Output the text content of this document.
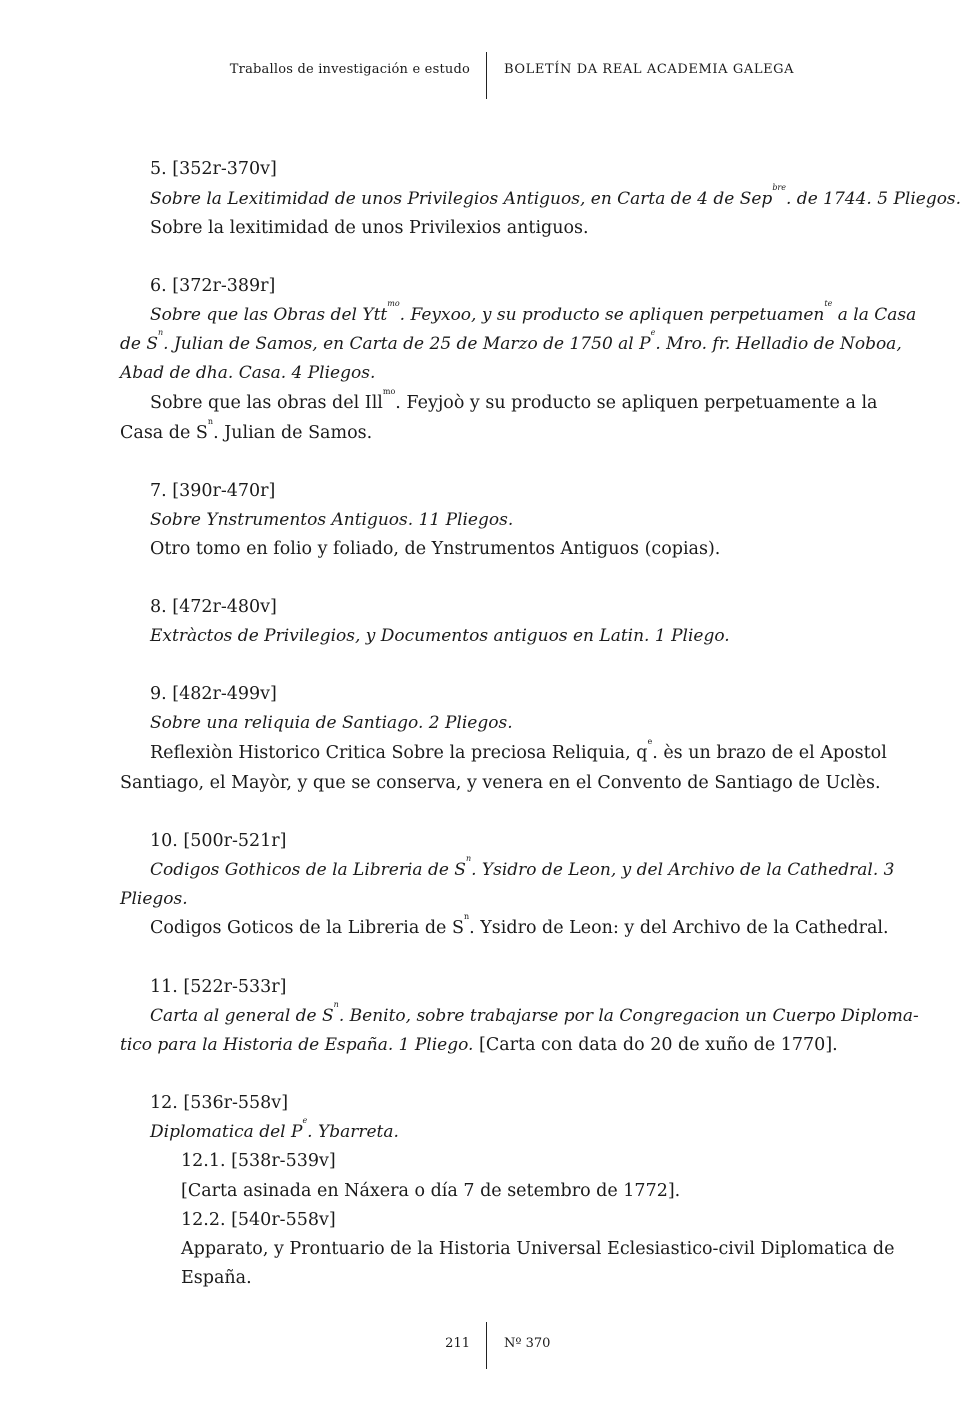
Traballos de investigación e estudo	BOLETÍN DA REAL ACADEMIA GALEGA
5. [352r-370v]
Sobre la Lexitimidad de unos Privilegios Antiguos, en Carta de 4 de Sep$^{bre}$. de 1744. 5 Pliegos.
Sobre la lexitimidad de unos Privilexios antiguos.
6. [372r-389r]
Sobre que las Obras del Ytt$^{mo}$. Feyxoo, y su producto se apliquen perpetuamen$^{te}$ a la Casa
de $S^n$. Julian de Samos, en Carta de 25 de Marzo de 1750 al $P^e$. Mro. fr. Helladio de Noboa,
Abad de dha. Casa. 4 Pliegos.
Sobre que las obras del Ill$^{mo}$. Feyjoò y su producto se apliquen perpetuamente a la
Casa de $S^n$. Julian de Samos.
7. [390r-470r]
Sobre Ynstrumentos Antiguos. 11 Pliegos.
Otro tomo en folio y foliado, de Ynstrumentos Antiguos (copias).
8. [472r-480v]
Extràctos de Privilegios, y Documentos antiguos en Latin. 1 Pliego.
9. [482r-499v]
Sobre una reliquia de Santiago. 2 Pliegos.
Reflexiòn Historico Critica Sobre la preciosa Reliquia, $q^e$. ès un brazo de el Apostol
Santiago, el Mayòr, y que se conserva, y venera en el Convento de Santiago de Uclès.
10. [500r-521r]
Codigos Gothicos de la Libreria de $S^n$. Ysidro de Leon, y del Archivo de la Cathedral. 3
Pliegos.
Codigos Goticos de la Libreria de $S^n$. Ysidro de Leon: y del Archivo de la Cathedral.
11. [522r-533r]
Carta al general de $S^n$. Benito, sobre trabajarse por la Congregacion un Cuerpo Diploma-
tico para la Historia de España. 1 Pliego. [Carta con data do 20 de xuño de 1770].
12. [536r-558v]
Diplomatica del $P^e$. Ybarreta.
12.1. [538r-539v]
[Carta asinada en Náxera o día 7 de setembro de 1772].
12.2. [540r-558v]
Apparato, y Prontuario de la Historia Universal Eclesiastico-civil Diplomatica de
España.
211	Nº 370
